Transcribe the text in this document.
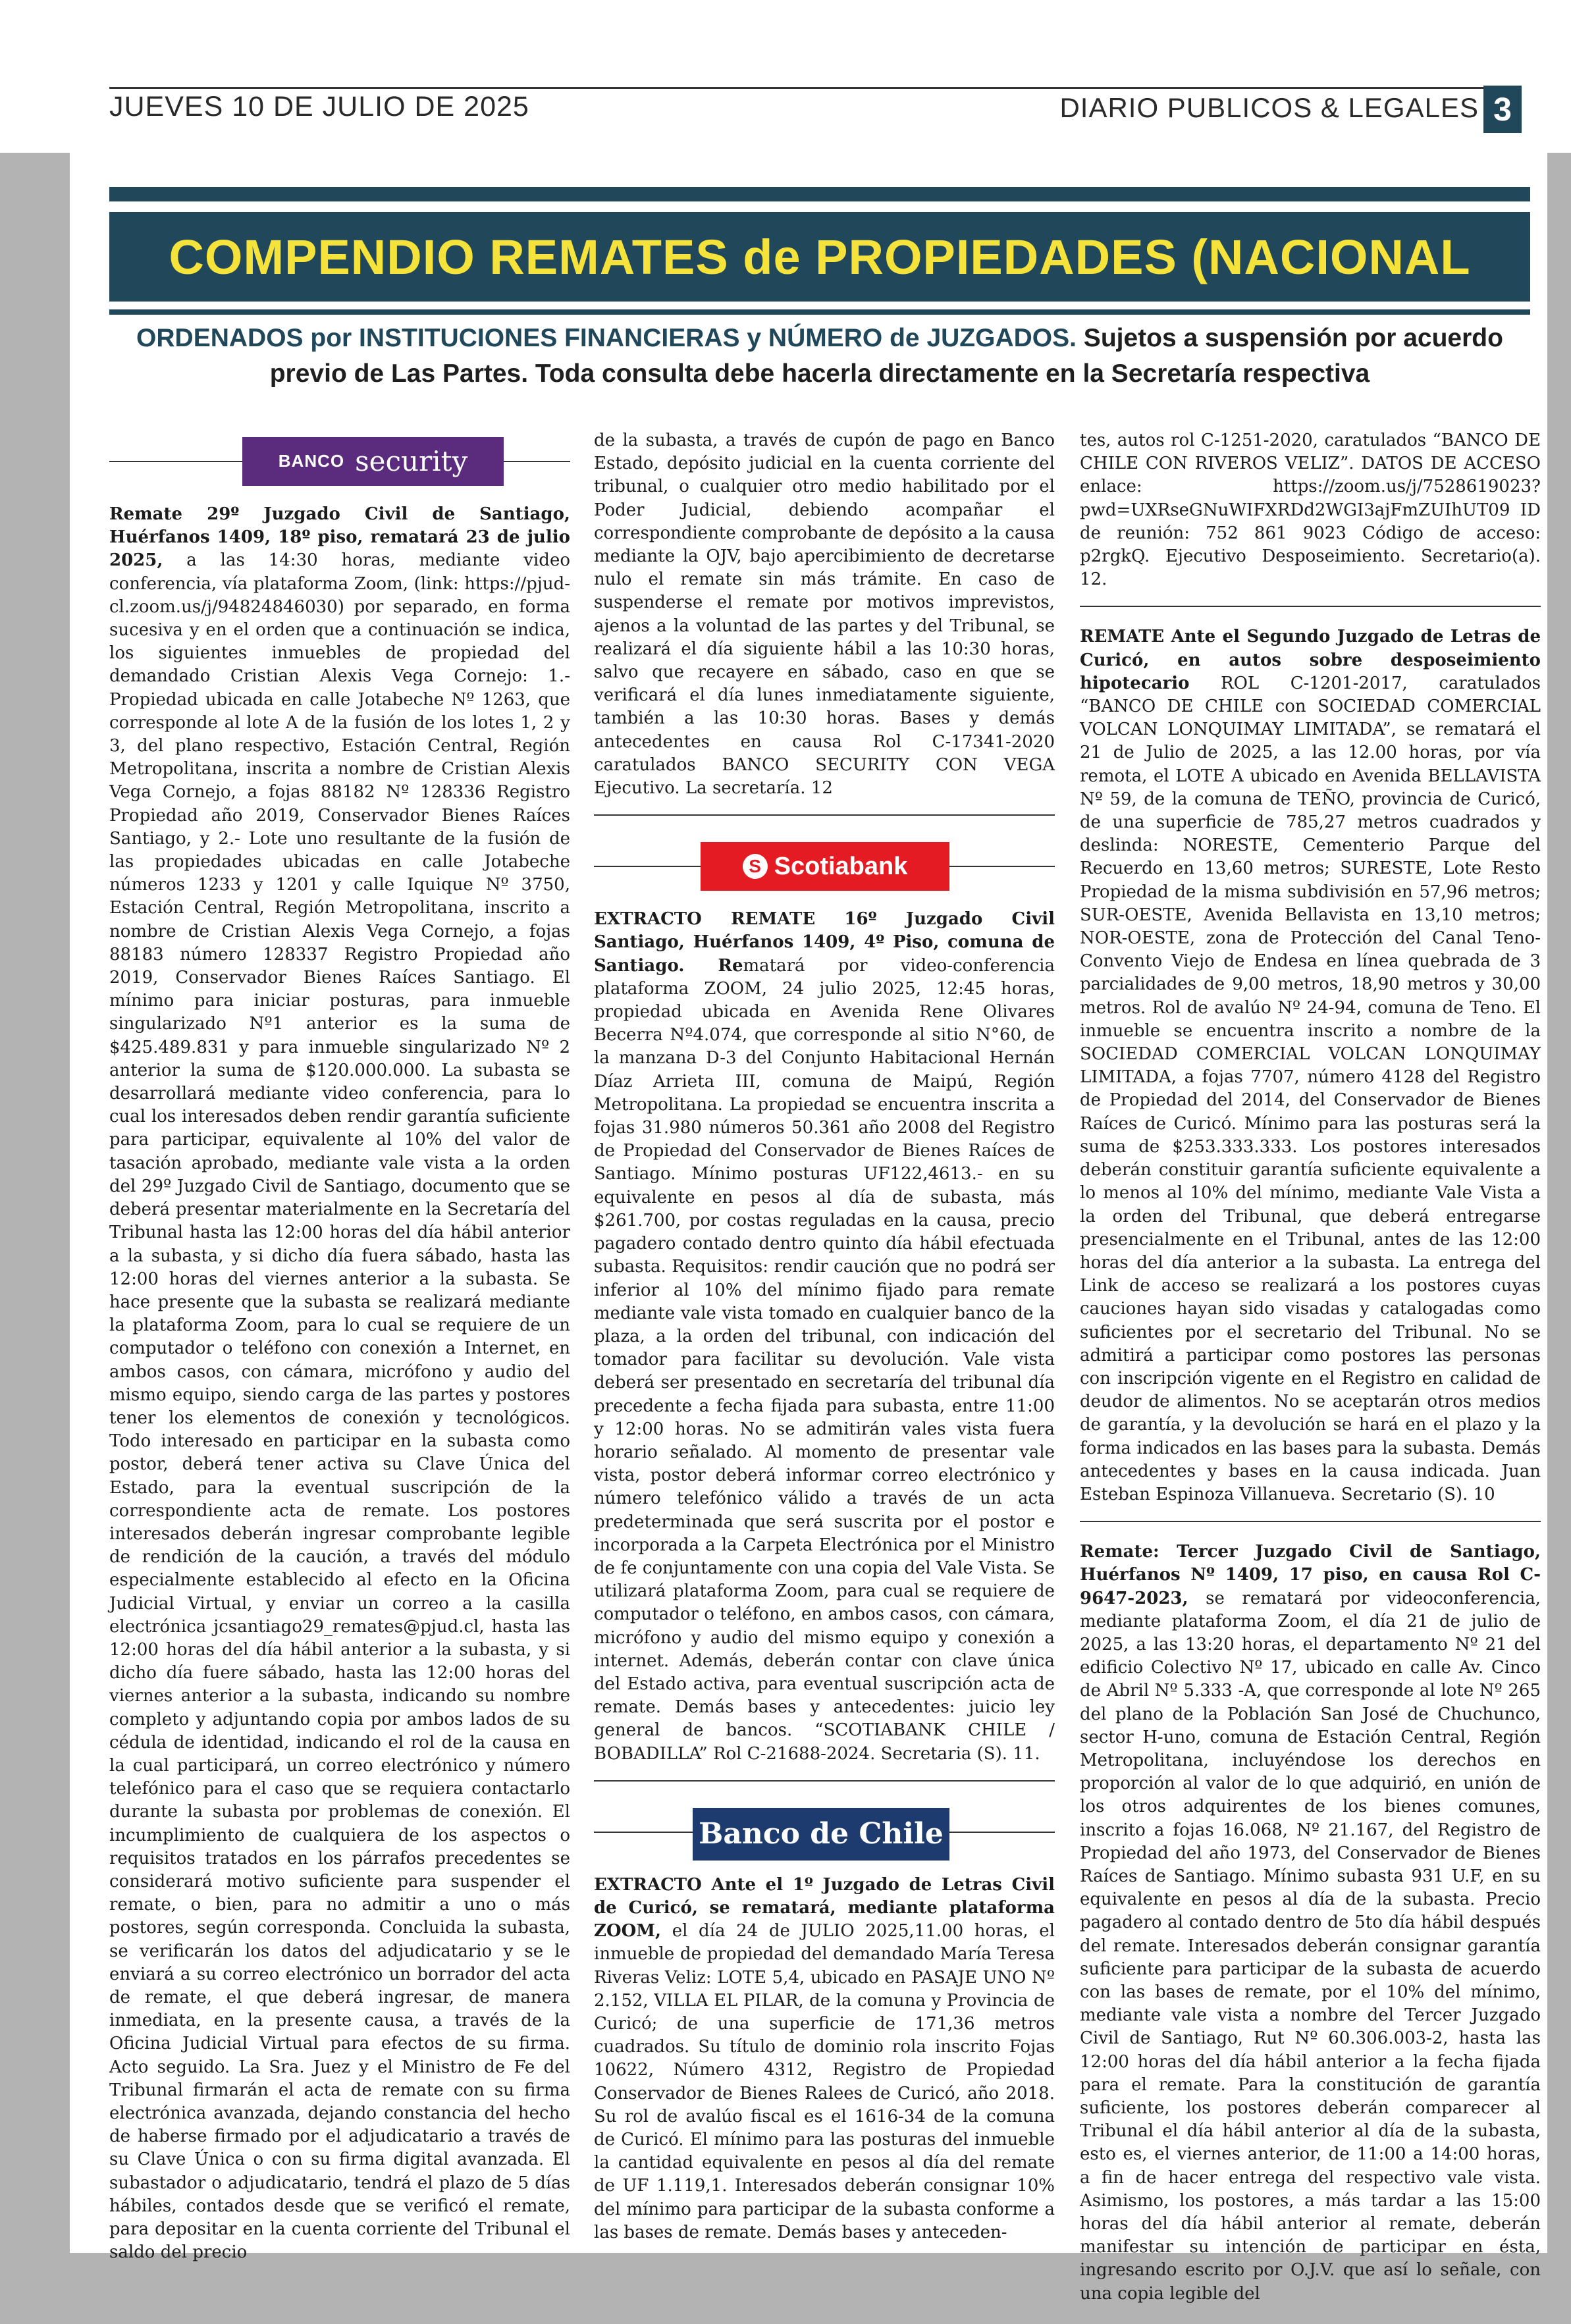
JUEVES 10 DE JULIO DE 2025	DIARIO PUBLICOS & LEGALES 3
COMPENDIO REMATES de PROPIEDADES (NACIONAL
ORDENADOS por INSTITUCIONES FINANCIERAS y NÚMERO de JUZGADOS. Sujetos a suspensión por acuerdo previo de Las Partes. Toda consulta debe hacerla directamente en la Secretaría respectiva
BANCO security

Remate 29º Juzgado Civil de Santiago, Huérfanos 1409, 18º piso, rematará 23 de julio 2025, a las 14:30 horas, mediante video conferencia, vía plataforma Zoom, (link: https://pjud-cl.zoom.us/j/94824846030) por separado, en forma sucesiva y en el orden que a continuación se indica, los siguientes inmuebles de propiedad del demandado Cristian Alexis Vega Cornejo: 1.- Propiedad ubicada en calle Jotabeche Nº 1263, que corresponde al lote A de la fusión de los lotes 1, 2 y 3, del plano respectivo, Estación Central, Región Metropolitana, inscrita a nombre de Cristian Alexis Vega Cornejo, a fojas 88182 Nº 128336 Registro Propiedad año 2019, Conservador Bienes Raíces Santiago, y 2.- Lote uno resultante de la fusión de las propiedades ubicadas en calle Jotabeche números 1233 y 1201 y calle Iquique Nº 3750, Estación Central, Región Metropolitana, inscrito a nombre de Cristian Alexis Vega Cornejo, a fojas 88183 número 128337 Registro Propiedad año 2019, Conservador Bienes Raíces Santiago. El mínimo para iniciar posturas, para inmueble singularizado Nº1 anterior es la suma de $425.489.831 y para inmueble singularizado Nº 2 anterior la suma de $120.000.000. La subasta se desarrollará mediante video conferencia, para lo cual los interesados deben rendir garantía suficiente para participar, equivalente al 10% del valor de tasación aprobado, mediante vale vista a la orden del 29º Juzgado Civil de Santiago, documento que se deberá presentar materialmente en la Secretaría del Tribunal hasta las 12:00 horas del día hábil anterior a la subasta, y si dicho día fuera sábado, hasta las 12:00 horas del viernes anterior a la subasta. Se hace presente que la subasta se realizará mediante la plataforma Zoom, para lo cual se requiere de un computador o teléfono con conexión a Internet, en ambos casos, con cámara, micrófono y audio del mismo equipo, siendo carga de las partes y postores tener los elementos de conexión y tecnológicos. Todo interesado en participar en la subasta como postor, deberá tener activa su Clave Única del Estado, para la eventual suscripción de la correspondiente acta de remate. Los postores interesados deberán ingresar comprobante legible de rendición de la caución, a través del módulo especialmente establecido al efecto en la Oficina Judicial Virtual, y enviar un correo a la casilla electrónica jcsantiago29_remates@pjud.cl, hasta las 12:00 horas del día hábil anterior a la subasta, y si dicho día fuere sábado, hasta las 12:00 horas del viernes anterior a la subasta, indicando su nombre completo y adjuntando copia por ambos lados de su cédula de identidad, indicando el rol de la causa en la cual participará, un correo electrónico y número telefónico para el caso que se requiera contactarlo durante la subasta por problemas de conexión. El incumplimiento de cualquiera de los aspectos o requisitos tratados en los párrafos precedentes se considerará motivo suficiente para suspender el remate, o bien, para no admitir a uno o más postores, según corresponda. Concluida la subasta, se verificarán los datos del adjudicatario y se le enviará a su correo electrónico un borrador del acta de remate, el que deberá ingresar, de manera inmediata, en la presente causa, a través de la Oficina Judicial Virtual para efectos de su firma. Acto seguido. La Sra. Juez y el Ministro de Fe del Tribunal firmarán el acta de remate con su firma electrónica avanzada, dejando constancia del hecho de haberse firmado por el adjudicatario a través de su Clave Única o con su firma digital avanzada. El subastador o adjudicatario, tendrá el plazo de 5 días hábiles, contados desde que se verificó el remate, para depositar en la cuenta corriente del Tribunal el saldo del precio

de la subasta, a través de cupón de pago en Banco Estado, depósito judicial en la cuenta corriente del tribunal, o cualquier otro medio habilitado por el Poder Judicial, debiendo acompañar el correspondiente comprobante de depósito a la causa mediante la OJV, bajo apercibimiento de decretarse nulo el remate sin más trámite. En caso de suspenderse el remate por motivos imprevistos, ajenos a la voluntad de las partes y del Tribunal, se realizará el día siguiente hábil a las 10:30 horas, salvo que recayere en sábado, caso en que se verificará el día lunes inmediatamente siguiente, también a las 10:30 horas. Bases y demás antecedentes en causa Rol C-17341-2020 caratulados BANCO SECURITY CON VEGA Ejecutivo. La secretaría. 12

S Scotiabank

EXTRACTO REMATE 16º Juzgado Civil Santiago, Huérfanos 1409, 4º Piso, comuna de Santiago. Rematará por video-conferencia plataforma ZOOM, 24 julio 2025, 12:45 horas, propiedad ubicada en Avenida Rene Olivares Becerra Nº4.074, que corresponde al sitio N°60, de la manzana D-3 del Conjunto Habitacional Hernán Díaz Arrieta III, comuna de Maipú, Región Metropolitana. La propiedad se encuentra inscrita a fojas 31.980 números 50.361 año 2008 del Registro de Propiedad del Conservador de Bienes Raíces de Santiago. Mínimo posturas UF122,4613.- en su equivalente en pesos al día de subasta, más $261.700, por costas reguladas en la causa, precio pagadero contado dentro quinto día hábil efectuada subasta. Requisitos: rendir caución que no podrá ser inferior al 10% del mínimo fijado para remate mediante vale vista tomado en cualquier banco de la plaza, a la orden del tribunal, con indicación del tomador para facilitar su devolución. Vale vista deberá ser presentado en secretaría del tribunal día precedente a fecha fijada para subasta, entre 11:00 y 12:00 horas. No se admitirán vales vista fuera horario señalado. Al momento de presentar vale vista, postor deberá informar correo electrónico y número telefónico válido a través de un acta predeterminada que será suscrita por el postor e incorporada a la Carpeta Electrónica por el Ministro de fe conjuntamente con una copia del Vale Vista. Se utilizará plataforma Zoom, para cual se requiere de computador o teléfono, en ambos casos, con cámara, micrófono y audio del mismo equipo y conexión a internet. Además, deberán contar con clave única del Estado activa, para eventual suscripción acta de remate. Demás bases y antecedentes: juicio ley general de bancos. “SCOTIABANK CHILE / BOBADILLA” Rol C-21688-2024. Secretaria (S). 11.

Banco de Chile

EXTRACTO Ante el 1º Juzgado de Letras Civil de Curicó, se rematará, mediante plataforma ZOOM, el día 24 de JULIO 2025,11.00 horas, el inmueble de propiedad del demandado María Teresa Riveras Veliz: LOTE 5,4, ubicado en PASAJE UNO Nº 2.152, VILLA EL PILAR, de la comuna y Provincia de Curicó; de una superficie de 171,36 metros cuadrados. Su título de dominio rola inscrito Fojas 10622, Número 4312, Registro de Propiedad Conservador de Bienes Ralees de Curicó, año 2018. Su rol de avalúo fiscal es el 1616-34 de la comuna de Curicó. El mínimo para las posturas del inmueble la cantidad equivalente en pesos al día del remate de UF 1.119,1. Interesados deberán consignar 10% del mínimo para participar de la subasta conforme a las bases de remate. Demás bases y anteceden-

tes, autos rol C-1251-2020, caratulados “BANCO DE CHILE CON RIVEROS VELIZ”. DATOS DE ACCESO enlace: https://zoom.us/j/7528619023?pwd=UXRseGNuWIFXRDd2WGI3ajFmZUIhUT09 ID de reunión: 752 861 9023 Código de acceso: p2rgkQ. Ejecutivo Desposeimiento. Secretario(a). 12.

REMATE Ante el Segundo Juzgado de Letras de Curicó, en autos sobre desposeimiento hipotecario ROL C-1201-2017, caratulados “BANCO DE CHILE con SOCIEDAD COMERCIAL VOLCAN LONQUIMAY LIMITADA”, se rematará el 21 de Julio de 2025, a las 12.00 horas, por vía remota, el LOTE A ubicado en Avenida BELLAVISTA Nº 59, de la comuna de TEÑO, provincia de Curicó, de una superficie de 785,27 metros cuadrados y deslinda: NORESTE, Cementerio Parque del Recuerdo en 13,60 metros; SURESTE, Lote Resto Propiedad de la misma subdivisión en 57,96 metros; SUR-OESTE, Avenida Bellavista en 13,10 metros; NOR-OESTE, zona de Protección del Canal Teno-Convento Viejo de Endesa en línea quebrada de 3 parcialidades de 9,00 metros, 18,90 metros y 30,00 metros. Rol de avalúo Nº 24-94, comuna de Teno. El inmueble se encuentra inscrito a nombre de la SOCIEDAD COMERCIAL VOLCAN LONQUIMAY LIMITADA, a fojas 7707, número 4128 del Registro de Propiedad del 2014, del Conservador de Bienes Raíces de Curicó. Mínimo para las posturas será la suma de $253.333.333. Los postores interesados deberán constituir garantía suficiente equivalente a lo menos al 10% del mínimo, mediante Vale Vista a la orden del Tribunal, que deberá entregarse presencialmente en el Tribunal, antes de las 12:00 horas del día anterior a la subasta. La entrega del Link de acceso se realizará a los postores cuyas cauciones hayan sido visadas y catalogadas como suficientes por el secretario del Tribunal. No se admitirá a participar como postores las personas con inscripción vigente en el Registro en calidad de deudor de alimentos. No se aceptarán otros medios de garantía, y la devolución se hará en el plazo y la forma indicados en las bases para la subasta. Demás antecedentes y bases en la causa indicada. Juan Esteban Espinoza Villanueva. Secretario (S). 10

Remate: Tercer Juzgado Civil de Santiago, Huérfanos Nº 1409, 17 piso, en causa Rol C-9647-2023, se rematará por videoconferencia, mediante plataforma Zoom, el día 21 de julio de 2025, a las 13:20 horas, el departamento Nº 21 del edificio Colectivo Nº 17, ubicado en calle Av. Cinco de Abril Nº 5.333 -A, que corresponde al lote Nº 265 del plano de la Población San José de Chuchunco, sector H-uno, comuna de Estación Central, Región Metropolitana, incluyéndose los derechos en proporción al valor de lo que adquirió, en unión de los otros adquirentes de los bienes comunes, inscrito a fojas 16.068, Nº 21.167, del Registro de Propiedad del año 1973, del Conservador de Bienes Raíces de Santiago. Mínimo subasta 931 U.F, en su equivalente en pesos al día de la subasta. Precio pagadero al contado dentro de 5to día hábil después del remate. Interesados deberán consignar garantía suficiente para participar de la subasta de acuerdo con las bases de remate, por el 10% del mínimo, mediante vale vista a nombre del Tercer Juzgado Civil de Santiago, Rut Nº 60.306.003-2, hasta las 12:00 horas del día hábil anterior a la fecha fijada para el remate. Para la constitución de garantía suficiente, los postores deberán comparecer al Tribunal el día hábil anterior al día de la subasta, esto es, el viernes anterior, de 11:00 a 14:00 horas, a fin de hacer entrega del respectivo vale vista. Asimismo, los postores, a más tardar a las 15:00 horas del día hábil anterior al remate, deberán manifestar su intención de participar en ésta, ingresando escrito por O.J.V. que así lo señale, con una copia legible del
